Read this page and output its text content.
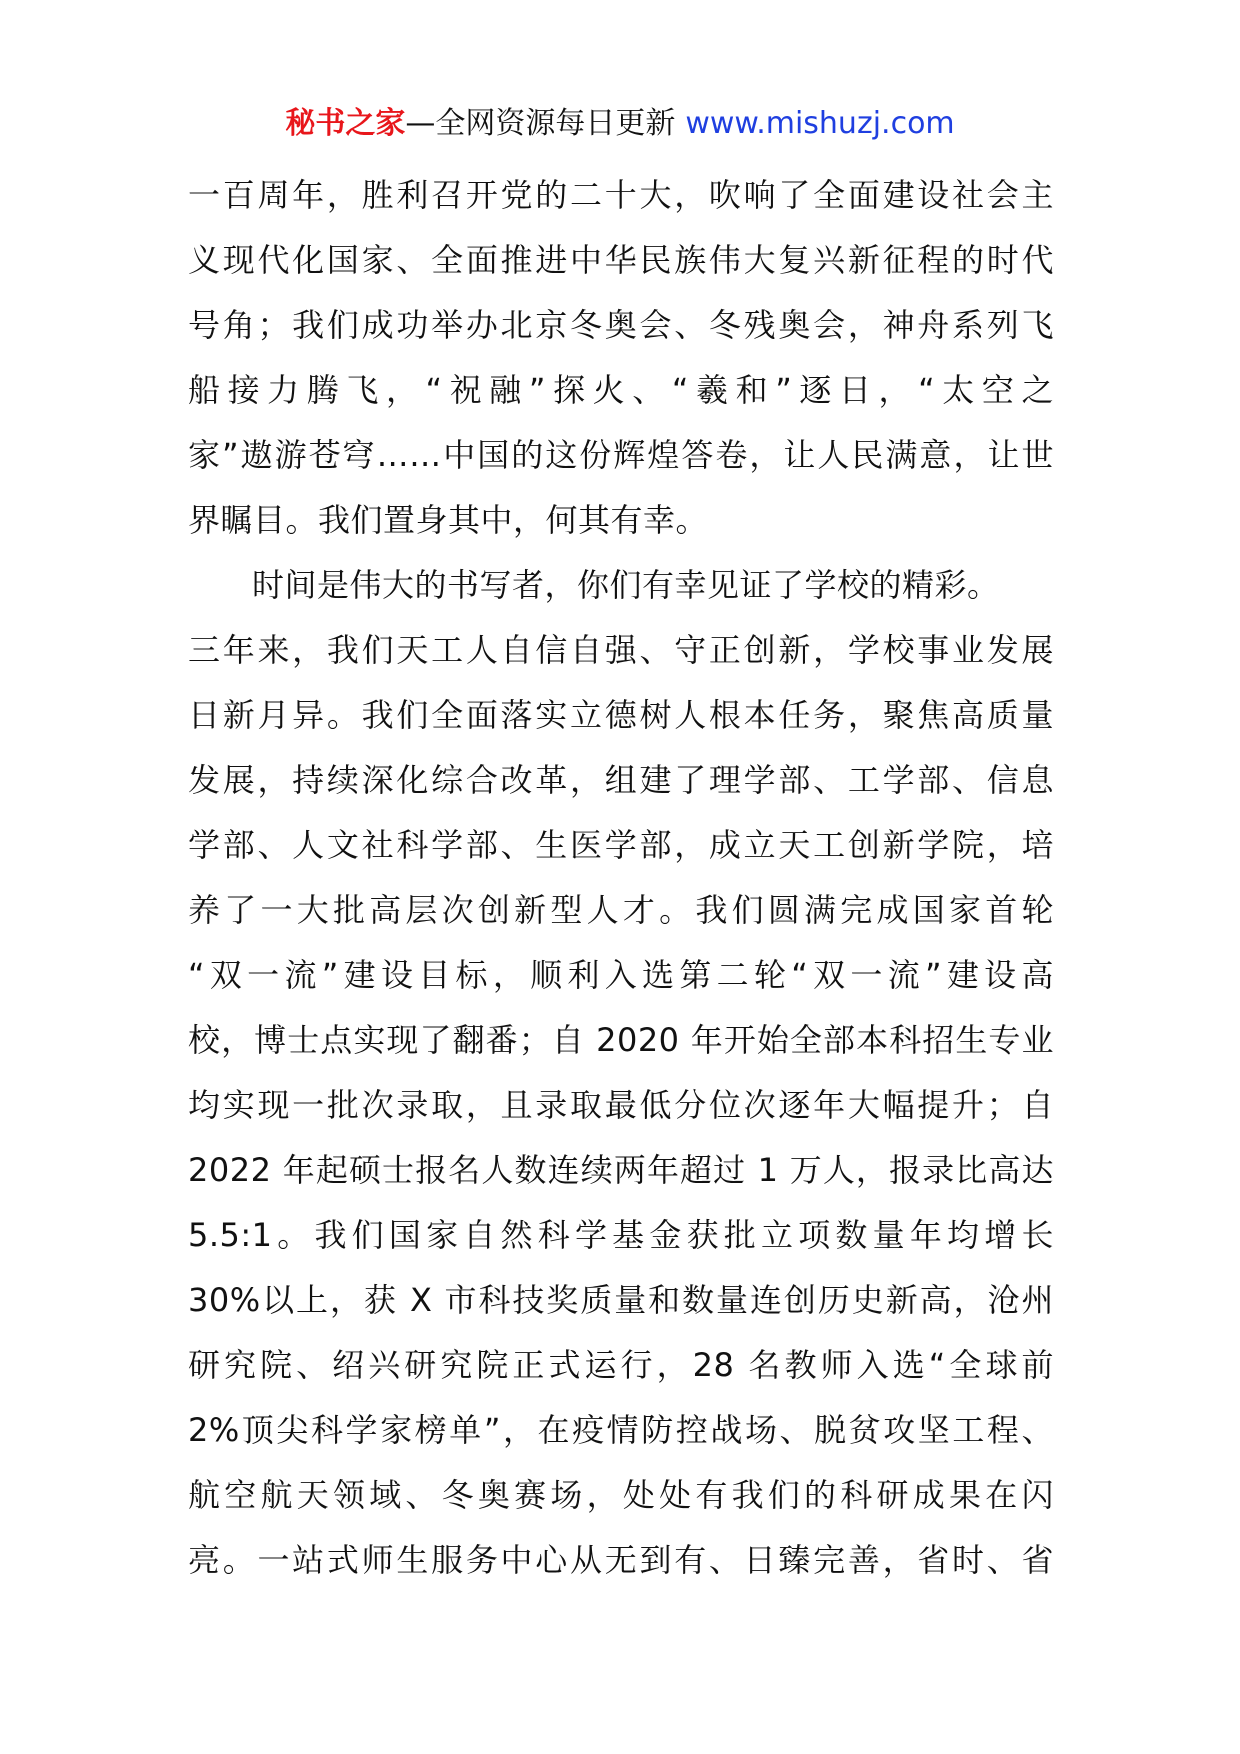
秘书之家—全网资源每日更新 www.mishuzj.com
一百周年，胜利召开党的二十大，吹响了全面建设社会主
义现代化国家、全面推进中华民族伟大复兴新征程的时代
号角；我们成功举办北京冬奥会、冬残奥会，神舟系列飞
船接力腾飞，“祝融”探火、“羲和”逐日，“太空之
家”遨游苍穹……中国的这份辉煌答卷，让人民满意，让世
界瞩目。我们置身其中，何其有幸。
时间是伟大的书写者，你们有幸见证了学校的精彩。
三年来，我们天工人自信自强、守正创新，学校事业发展
日新月异。我们全面落实立德树人根本任务，聚焦高质量
发展，持续深化综合改革，组建了理学部、工学部、信息
学部、人文社科学部、生医学部，成立天工创新学院，培
养了一大批高层次创新型人才。我们圆满完成国家首轮
“双一流”建设目标，顺利入选第二轮“双一流”建设高
校，博士点实现了翻番；自 2020 年开始全部本科招生专业
均实现一批次录取，且录取最低分位次逐年大幅提升；自
2022 年起硕士报名人数连续两年超过 1 万人，报录比高达
5.5:1。我们国家自然科学基金获批立项数量年均增长
30%以上，获 X 市科技奖质量和数量连创历史新高，沧州
研究院、绍兴研究院正式运行，28 名教师入选“全球前
2%顶尖科学家榜单”，在疫情防控战场、脱贫攻坚工程、
航空航天领域、冬奥赛场，处处有我们的科研成果在闪
亮。一站式师生服务中心从无到有、日臻完善，省时、省
